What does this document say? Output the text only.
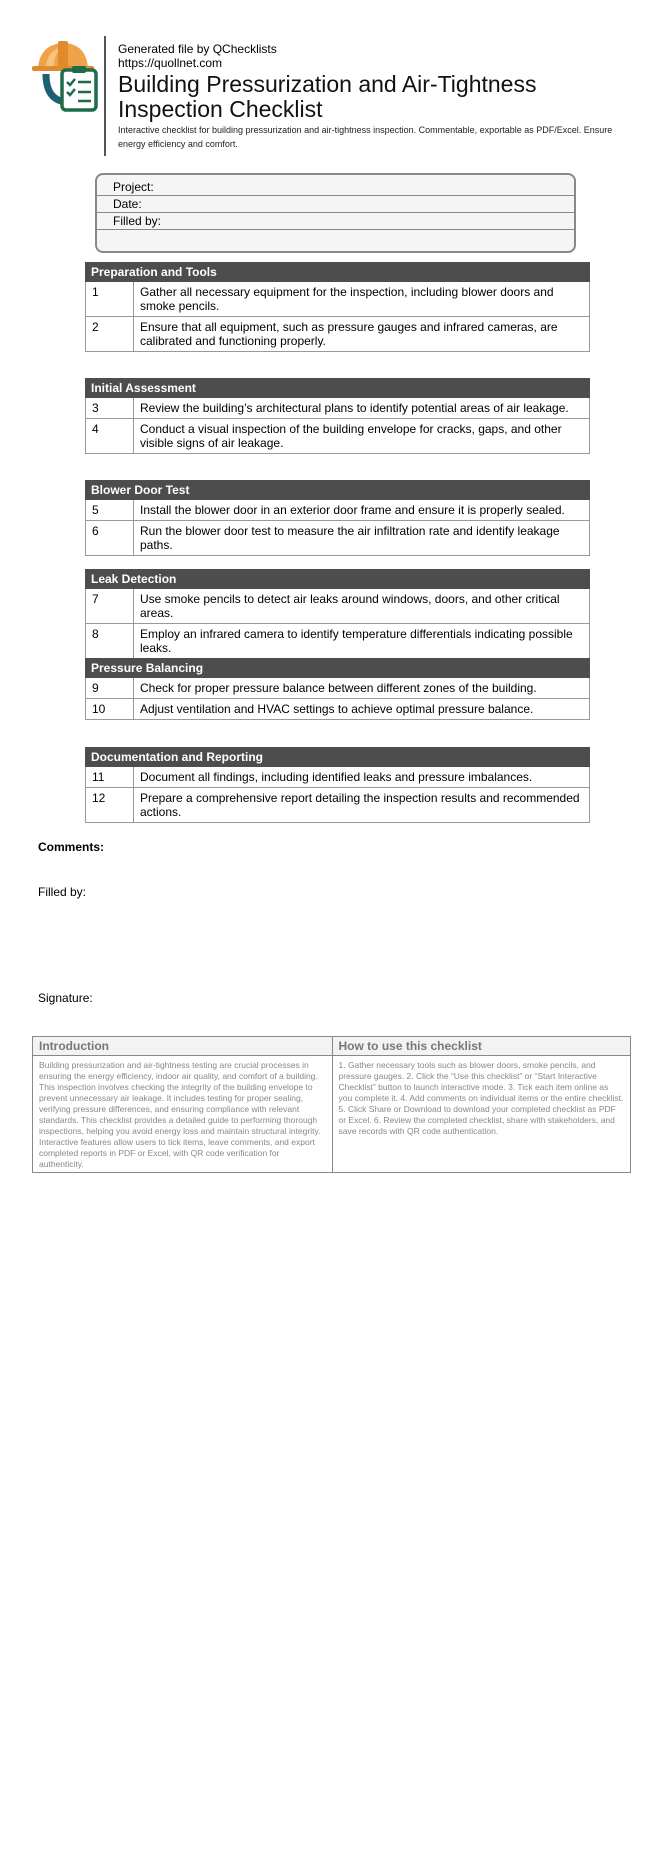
Generated file by QChecklists
https://quollnet.com
Building Pressurization and Air-Tightness
Inspection Checklist
Interactive checklist for building pressurization and air-tightness inspection. Commentable, exportable as PDF/Excel. Ensure energy efficiency and comfort.
Project:
Date:
Filled by:
Preparation and Tools
1	Gather all necessary equipment for the inspection, including blower doors and smoke pencils.
2	Ensure that all equipment, such as pressure gauges and infrared cameras, are calibrated and functioning properly.
Initial Assessment
3	Review the building’s architectural plans to identify potential areas of air leakage.
4	Conduct a visual inspection of the building envelope for cracks, gaps, and other visible signs of air leakage.
Blower Door Test
5	Install the blower door in an exterior door frame and ensure it is properly sealed.
6	Run the blower door test to measure the air infiltration rate and identify leakage paths.
Leak Detection
7	Use smoke pencils to detect air leaks around windows, doors, and other critical areas.
8	Employ an infrared camera to identify temperature differentials indicating possible leaks.
Pressure Balancing
9	Check for proper pressure balance between different zones of the building.
10	Adjust ventilation and HVAC settings to achieve optimal pressure balance.
Documentation and Reporting
11	Document all findings, including identified leaks and pressure imbalances.
12	Prepare a comprehensive report detailing the inspection results and recommended actions.
Comments:
Filled by:
Signature:
Introduction
Building pressurization and air-tightness testing are crucial processes in ensuring the energy efficiency, indoor air quality, and comfort of a building. This inspection involves checking the integrity of the building envelope to prevent unnecessary air leakage. It includes testing for proper sealing, verifying pressure differences, and ensuring compliance with relevant standards. This checklist provides a detailed guide to performing thorough inspections, helping you avoid energy loss and maintain structural integrity. Interactive features allow users to tick items, leave comments, and export completed reports in PDF or Excel, with QR code verification for authenticity.
How to use this checklist
1. Gather necessary tools such as blower doors, smoke pencils, and pressure gauges. 2. Click the “Use this checklist” or “Start Interactive Checklist” button to launch interactive mode. 3. Tick each item online as you complete it. 4. Add comments on individual items or the entire checklist. 5. Click Share or Download to download your completed checklist as PDF or Excel. 6. Review the completed checklist, share with stakeholders, and save records with QR code authentication.
